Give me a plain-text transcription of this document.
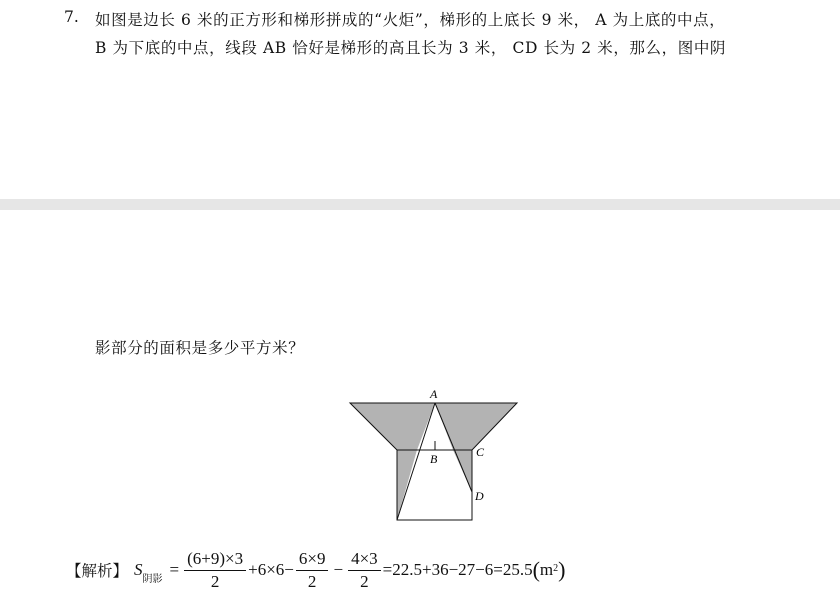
7. 如图是边长 6 米的正方形和梯形拼成的“火炬”，梯形的上底长 9 米， A 为上底的中点，
B 为下底的中点，线段 AB 恰好是梯形的高且长为 3 米， CD 长为 2 米，那么，图中阴
影部分的面积是多少平方米？
A
B	C
D
【解析】 S 阴影 = $\frac{(6+9)\times 3}{2} +6\times 6- \frac{6\times 9}{2} - \frac{4\times 3}{2} =22.5+36-27-6=25.5$ ( $m^2$ )
